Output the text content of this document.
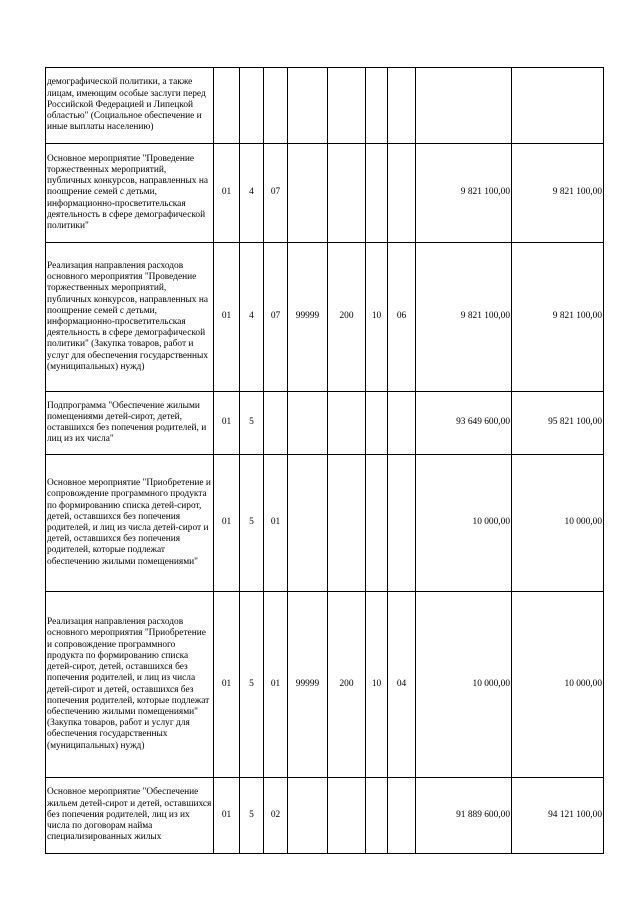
демографической политики, а также лицам, имеющим особые заслуги перед Российской Федерацией и Липецкой областью" (Социальное обеспечение и иные выплаты населению)									
Основное мероприятие "Проведение торжественных мероприятий, публичных конкурсов, направленных на поощрение семей с детьми, информационно-просветительская деятельность в сфере демографической политики"	01	4	07					9 821 100,00	9 821 100,00
Реализация направления расходов основного мероприятия "Проведение торжественных мероприятий, публичных конкурсов, направленных на поощрение семей с детьми, информационно-просветительская деятельность в сфере демографической политики" (Закупка товаров, работ и услуг для обеспечения государственных (муниципальных) нужд)	01	4	07	99999	200	10	06	9 821 100,00	9 821 100,00
Подпрограмма "Обеспечение жилыми помещениями детей-сирот, детей, оставшихся без попечения родителей, и лиц из их числа"	01	5						93 649 600,00	95 821 100,00
Основное мероприятие "Приобретение и сопровождение программного продукта по формированию списка детей-сирот, детей, оставшихся без попечения родителей, и лиц из числа детей-сирот и детей, оставшихся без попечения родителей, которые подлежат обеспечению жилыми помещениями"	01	5	01					10 000,00	10 000,00
Реализация направления расходов основного мероприятия "Приобретение и сопровождение программного продукта по формированию списка детей-сирот, детей, оставшихся без попечения родителей, и лиц из числа детей-сирот и детей, оставшихся без попечения родителей, которые подлежат обеспечению жилыми помещениями" (Закупка товаров, работ и услуг для обеспечения государственных (муниципальных) нужд)	01	5	01	99999	200	10	04	10 000,00	10 000,00
Основное мероприятие "Обеспечение жильем детей-сирот и детей, оставшихся без попечения родителей, лиц из их числа по договорам найма специализированных жилых	01	5	02					91 889 600,00	94 121 100,00
